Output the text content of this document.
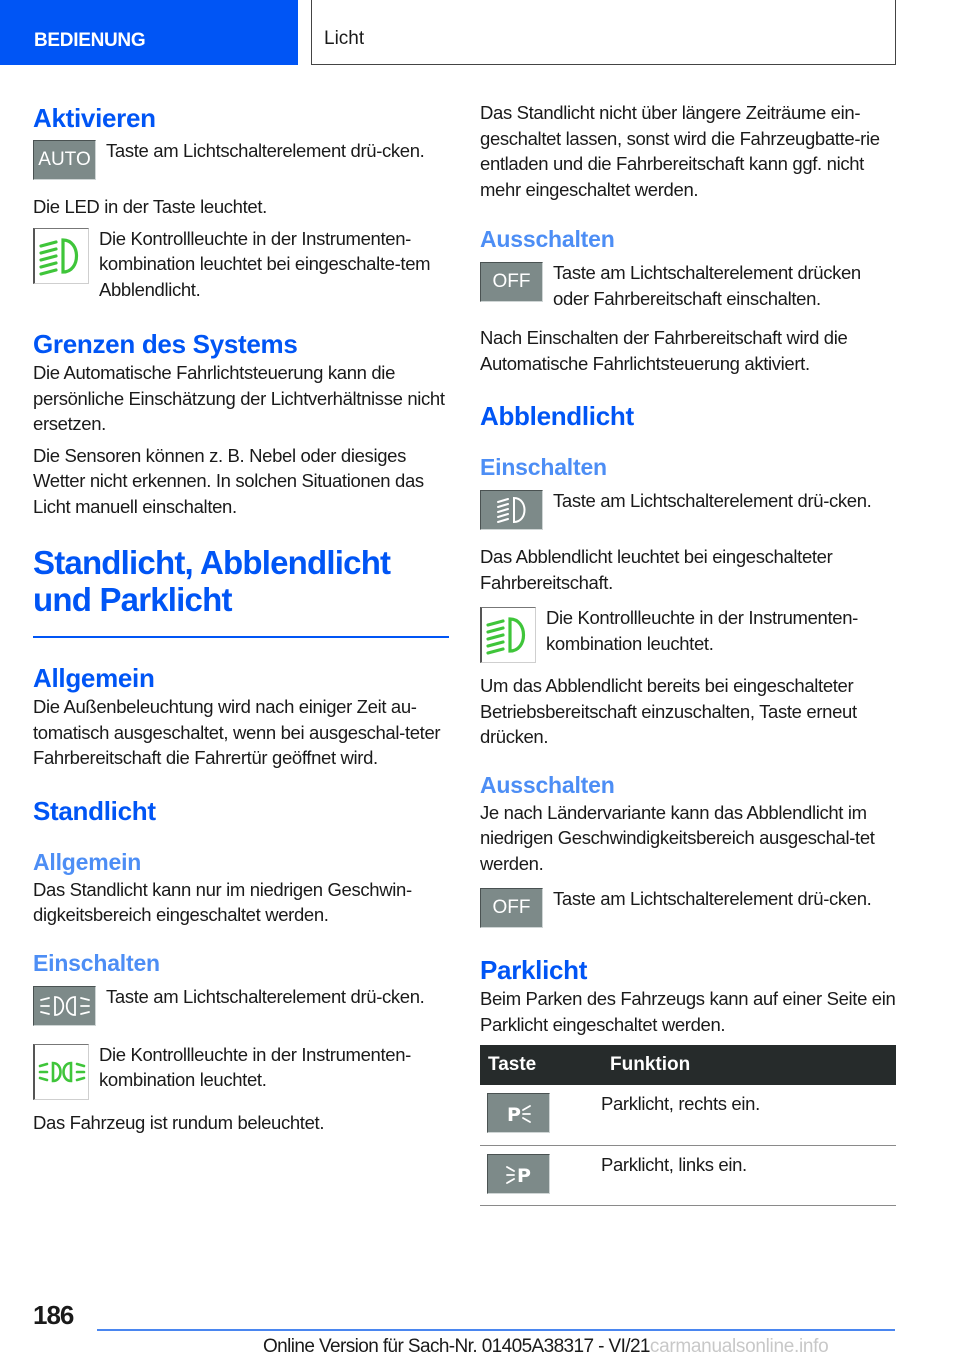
BEDIENUNG	Licht
Aktivieren
AUTO Taste am Lichtschalterelement drü-cken.

Die LED in der Taste leuchtet.

Die Kontrollleuchte in der Instrumenten-kombination leuchtet bei eingeschalte-tem Abblendlicht.
Grenzen des Systems

Die Automatische Fahrlichtsteuerung kann die persönliche Einschätzung der Lichtverhältnisse nicht ersetzen.

Die Sensoren können z. B. Nebel oder diesiges Wetter nicht erkennen. In solchen Situationen das Licht manuell einschalten.

Standlicht, Abblendlicht
und Parklicht
Allgemein

Die Außenbeleuchtung wird nach einiger Zeit au-tomatisch ausgeschaltet, wenn bei ausgeschal-teter Fahrbereitschaft die Fahrertür geöffnet wird.

Standlicht
Allgemein

Das Standlicht kann nur im niedrigen Geschwin-digkeitsbereich eingeschaltet werden.

Einschalten
Taste am Lichtschalterelement drü-cken.
Die Kontrollleuchte in der Instrumenten-kombination leuchtet.

Das Fahrzeug ist rundum beleuchtet.

Das Standlicht nicht über längere Zeiträume ein-geschaltet lassen, sonst wird die Fahrzeugbatte-rie entladen und die Fahrbereitschaft kann ggf. nicht mehr eingeschaltet werden.

Ausschalten
OFF Taste am Lichtschalterelement drücken oder Fahrbereitschaft einschalten.

Nach Einschalten der Fahrbereitschaft wird die Automatische Fahrlichtsteuerung aktiviert.

Abblendlicht
Einschalten
Taste am Lichtschalterelement drü-cken.

Das Abblendlicht leuchtet bei eingeschalteter Fahrbereitschaft.

Die Kontrollleuchte in der Instrumenten-kombination leuchtet.

Um das Abblendlicht bereits bei eingeschalteter Betriebsbereitschaft einzuschalten, Taste erneut drücken.

Ausschalten

Je nach Ländervariante kann das Abblendlicht im niedrigen Geschwindigkeitsbereich ausgeschal-tet werden.

OFF Taste am Lichtschalterelement drü-cken.
Parklicht

Beim Parken des Fahrzeugs kann auf einer Seite ein Parklicht eingeschaltet werden.

Taste	Funktion

P	Parklicht, rechts ein.

P	Parklicht, links ein.
186
Online Version für Sach-Nr. 01405A38317 - VI/21carmanualsonline.info
